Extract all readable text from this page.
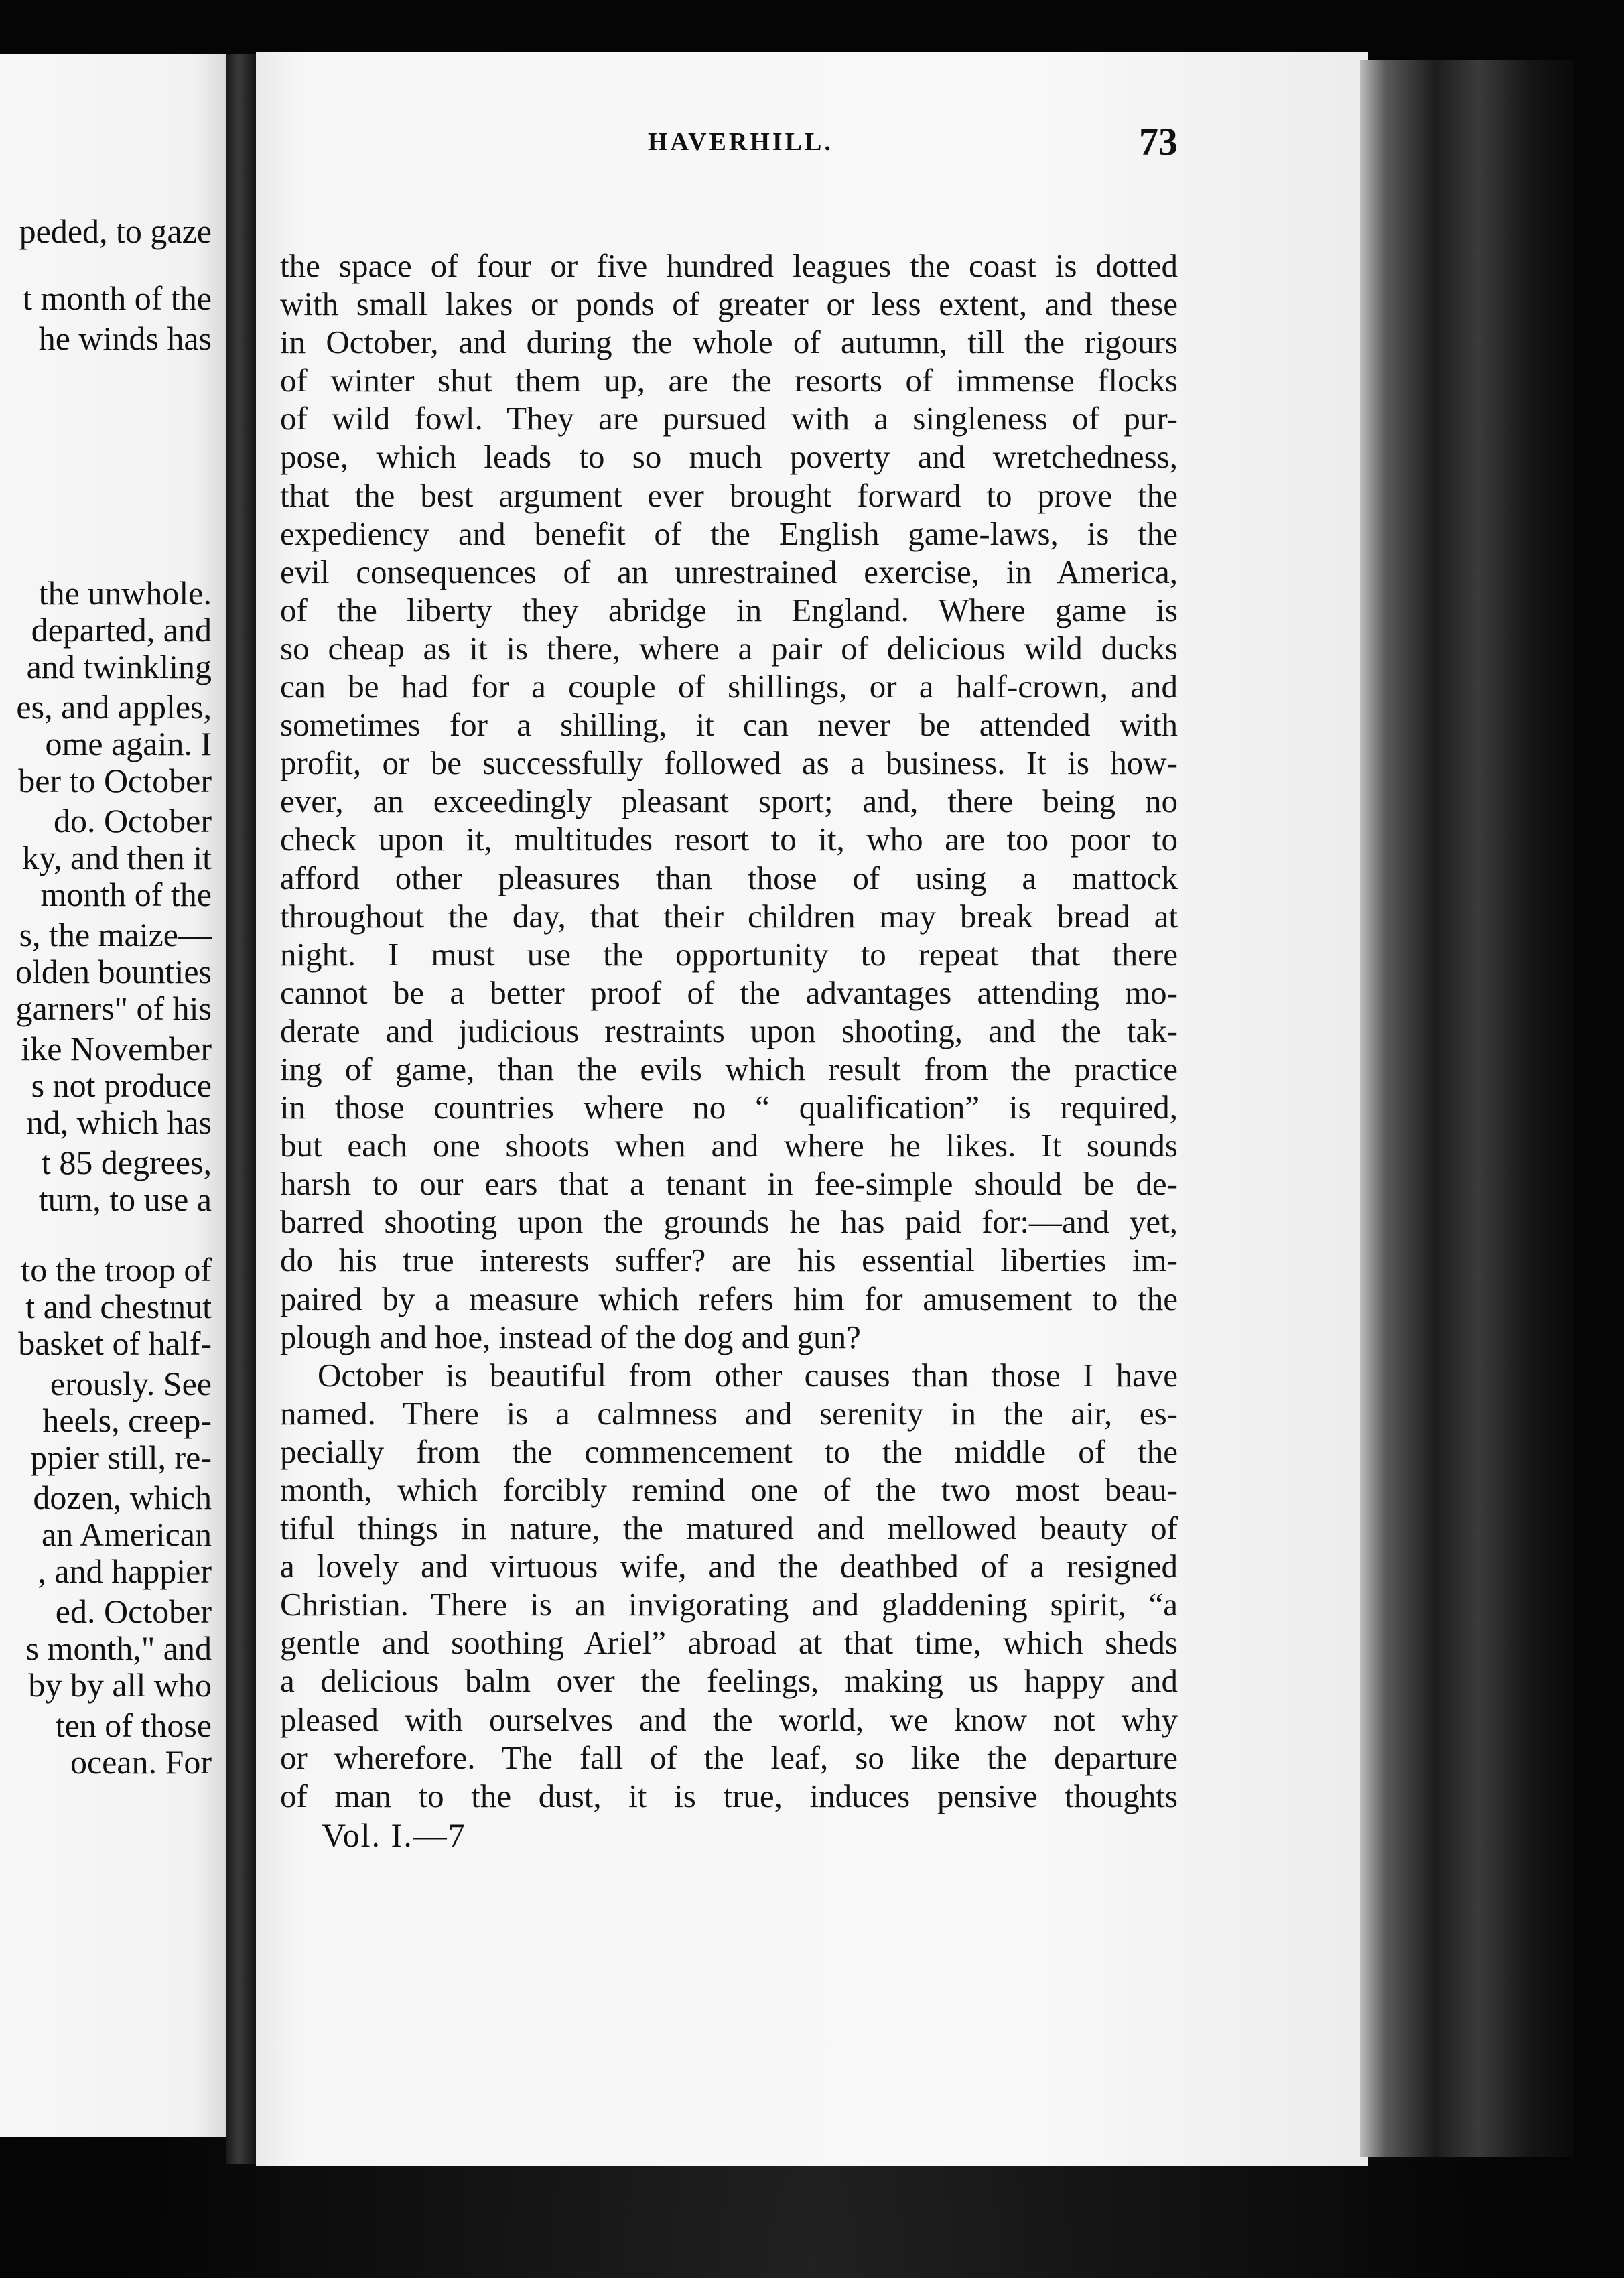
peded, to gaze
t month of the
he winds has
the unwhole.
departed, and
and twinkling
es, and apples,
ome again. I
ber to October
do. October
ky, and then it
month of the
s, the maize—
olden bounties
garners" of his
ike November
s not produce
nd, which has
t 85 degrees,
turn, to use a
to the troop of
t and chestnut
basket of half-
erously. See
heels, creep-
ppier still, re-
dozen, which
an American
, and happier
ed. October
s month," and
by by all who
ten of those
ocean. For
HAVERHILL.	73
the space of four or five hundred leagues the coast is dotted
with small lakes or ponds of greater or less extent, and these
in October, and during the whole of autumn, till the rigours
of winter shut them up, are the resorts of immense flocks
of wild fowl. They are pursued with a singleness of pur-
pose, which leads to so much poverty and wretchedness,
that the best argument ever brought forward to prove the
expediency and benefit of the English game-laws, is the
evil consequences of an unrestrained exercise, in America,
of the liberty they abridge in England. Where game is
so cheap as it is there, where a pair of delicious wild ducks
can be had for a couple of shillings, or a half-crown, and
sometimes for a shilling, it can never be attended with
profit, or be successfully followed as a business. It is how-
ever, an exceedingly pleasant sport; and, there being no
check upon it, multitudes resort to it, who are too poor to
afford other pleasures than those of using a mattock
throughout the day, that their children may break bread at
night. I must use the opportunity to repeat that there
cannot be a better proof of the advantages attending mo-
derate and judicious restraints upon shooting, and the tak-
ing of game, than the evils which result from the practice
in those countries where no “ qualification” is required,
but each one shoots when and where he likes. It sounds
harsh to our ears that a tenant in fee-simple should be de-
barred shooting upon the grounds he has paid for:—and yet,
do his true interests suffer? are his essential liberties im-
paired by a measure which refers him for amusement to the
plough and hoe, instead of the dog and gun?
October is beautiful from other causes than those I have
named. There is a calmness and serenity in the air, es-
pecially from the commencement to the middle of the
month, which forcibly remind one of the two most beau-
tiful things in nature, the matured and mellowed beauty of
a lovely and virtuous wife, and the deathbed of a resigned
Christian. There is an invigorating and gladdening spirit, “a
gentle and soothing Ariel” abroad at that time, which sheds
a delicious balm over the feelings, making us happy and
pleased with ourselves and the world, we know not why
or wherefore. The fall of the leaf, so like the departure
of man to the dust, it is true, induces pensive thoughts
Vol. I.—7
